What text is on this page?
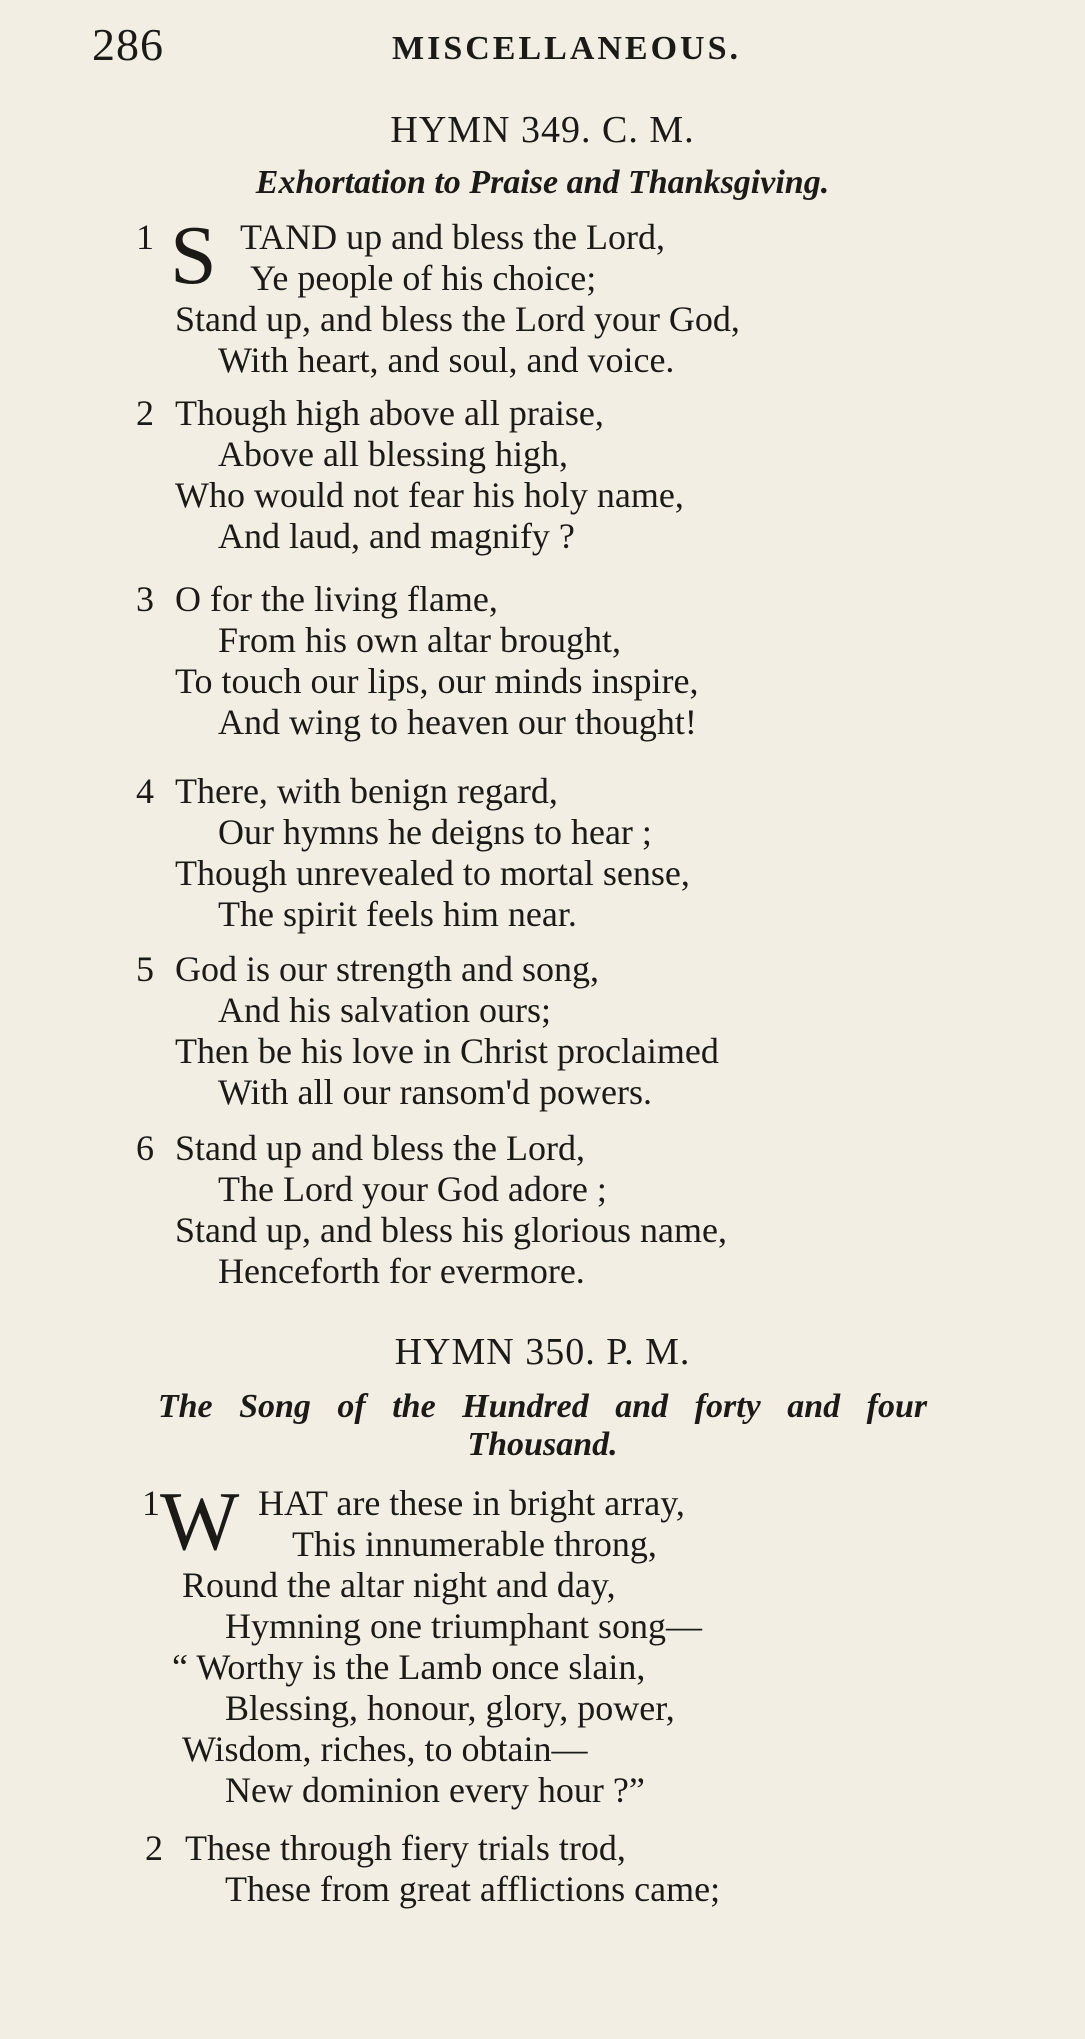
286	MISCELLANEOUS.
HYMN 349. C. M.
Exhortation to Praise and Thanksgiving.
1 S TAND up and bless the Lord,
Ye people of his choice;
Stand up, and bless the Lord your God,
With heart, and soul, and voice.
2 Though high above all praise,
Above all blessing high,
Who would not fear his holy name,
And laud, and magnify ?
3 O for the living flame,
From his own altar brought,
To touch our lips, our minds inspire,
And wing to heaven our thought!
4 There, with benign regard,
Our hymns he deigns to hear ;
Though unrevealed to mortal sense,
The spirit feels him near.
5 God is our strength and song,
And his salvation ours;
Then be his love in Christ proclaimed
With all our ransom'd powers.
6 Stand up and bless the Lord,
The Lord your God adore ;
Stand up, and bless his glorious name,
Henceforth for evermore.
HYMN 350. P. M.
The Song of the Hundred and forty and four
Thousand.
1 W HAT are these in bright array,
This innumerable throng,
Round the altar night and day,
Hymning one triumphant song—
“ Worthy is the Lamb once slain,
Blessing, honour, glory, power,
Wisdom, riches, to obtain—
New dominion every hour ?”
2 These through fiery trials trod,
These from great afflictions came;
